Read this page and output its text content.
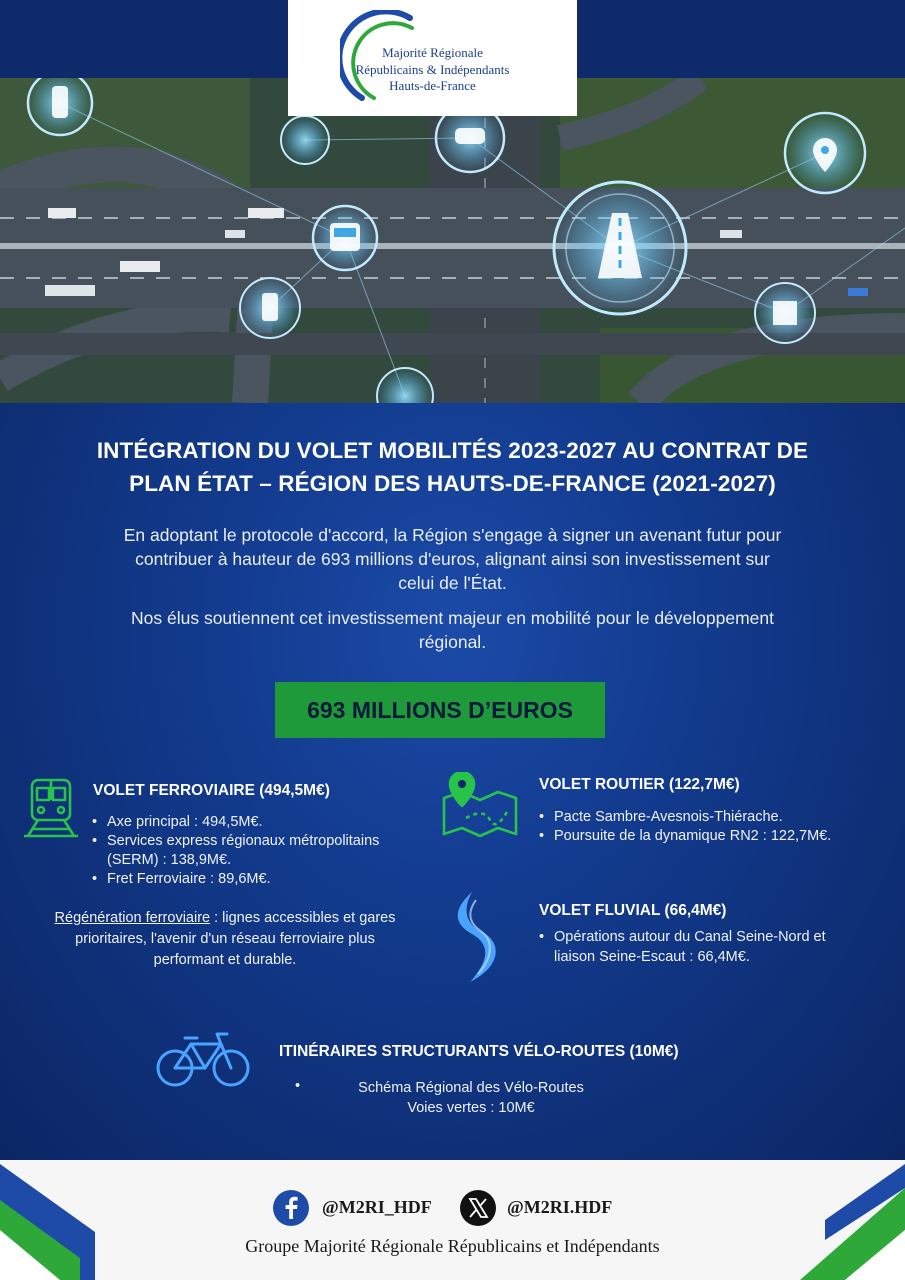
Majorité Régionale
Républicains & Indépendants
Hauts-de-France
INTÉGRATION DU VOLET MOBILITÉS 2023-2027 AU CONTRAT DE
PLAN ÉTAT – RÉGION DES HAUTS-DE-FRANCE (2021-2027)

En adoptant le protocole d'accord, la Région s'engage à signer un avenant futur pour contribuer à hauteur de 693 millions d'euros, alignant ainsi son investissement sur celui de l'État.

Nos élus soutiennent cet investissement majeur en mobilité pour le développement régional.

693 MILLIONS D’EUROS
VOLET FERROVIAIRE (494,5M€)
• Axe principal : 494,5M€.
• Services express régionaux métropolitains (SERM) : 138,9M€.
• Fret Ferroviaire : 89,6M€.

Régénération ferroviaire : lignes accessibles et gares prioritaires, l'avenir d'un réseau ferroviaire plus performant et durable.

VOLET ROUTIER (122,7M€)
• Pacte Sambre-Avesnois-Thiérache.
• Poursuite de la dynamique RN2 : 122,7M€.
VOLET FLUVIAL (66,4M€)
• Opérations autour du Canal Seine-Nord et liaison Seine-Escaut : 66,4M€.
ITINÉRAIRES STRUCTURANTS VÉLO-ROUTES (10M€)
•	Schéma Régional des Vélo-Routes
Voies vertes : 10M€
@M2RI_HDF	@M2RI.HDF
Groupe Majorité Régionale Républicains et Indépendants
